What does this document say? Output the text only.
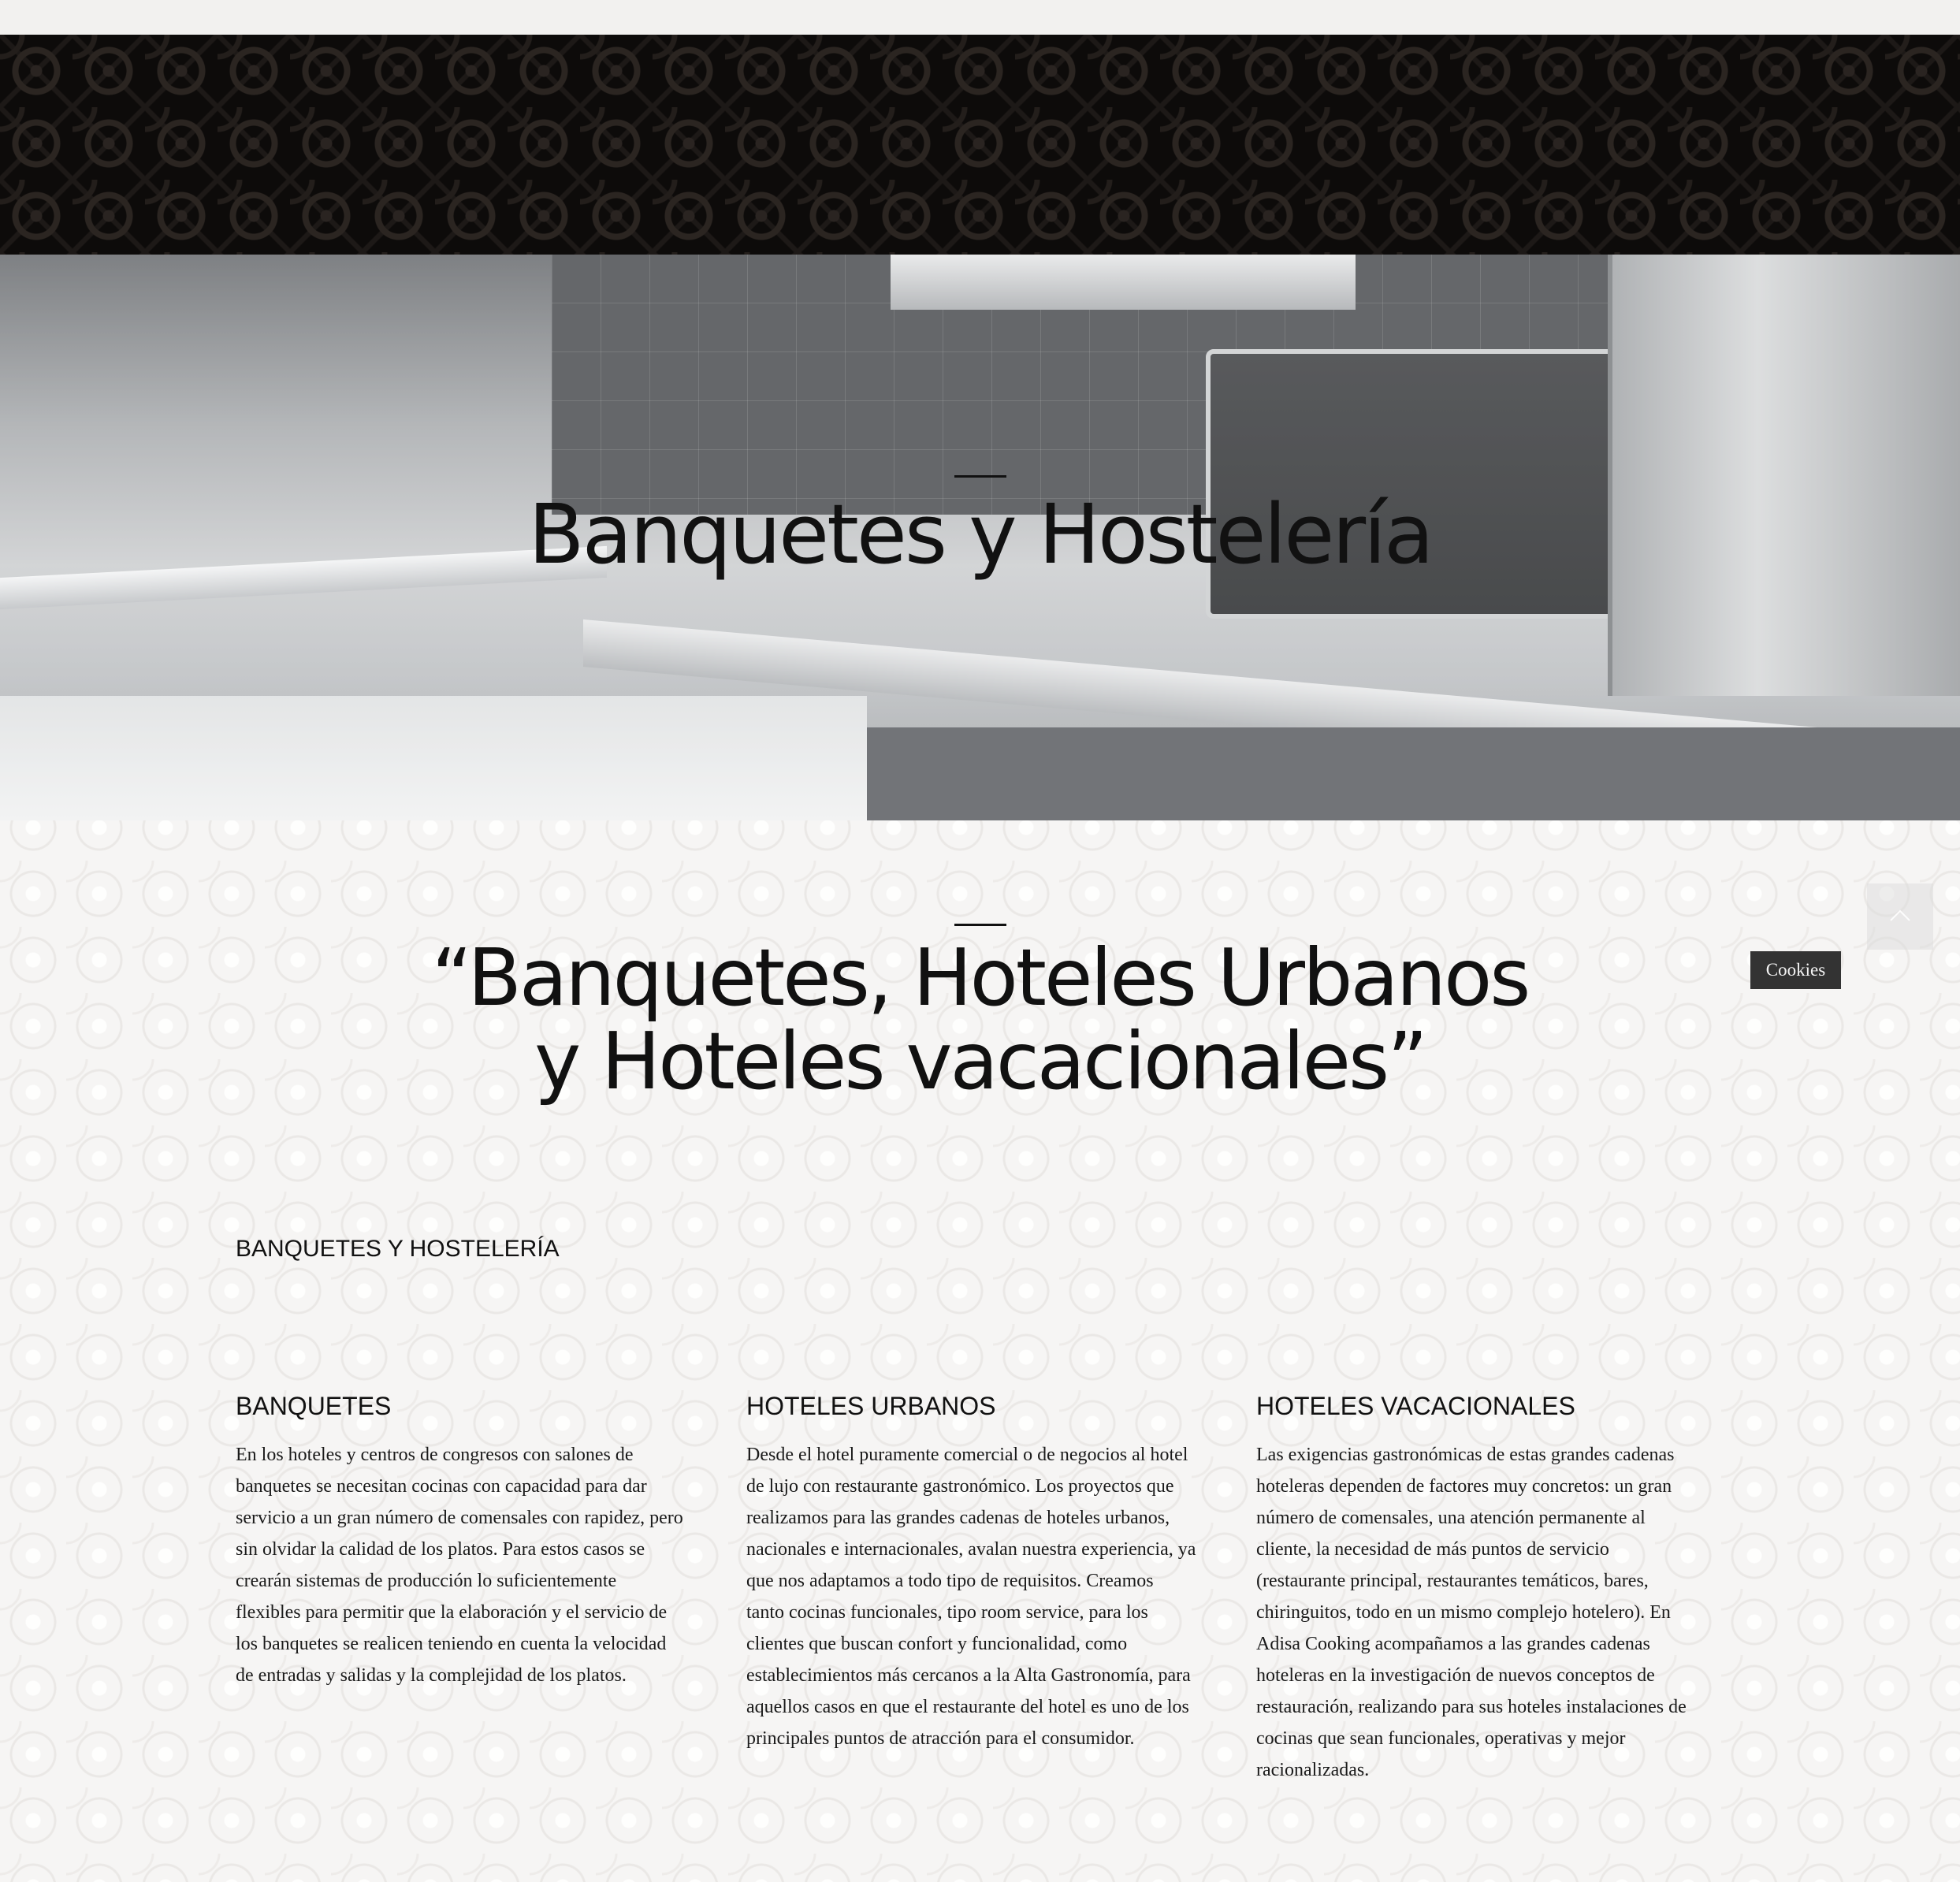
Banquetes y Hostelería
“Banquetes, Hoteles Urbanos
y Hoteles vacacionales”
BANQUETES Y HOSTELERÍA
BANQUETES

En los hoteles y centros de congresos con salones de
banquetes se necesitan cocinas con capacidad para dar
servicio a un gran número de comensales con rapidez, pero
sin olvidar la calidad de los platos. Para estos casos se
crearán sistemas de producción lo suficientemente
flexibles para permitir que la elaboración y el servicio de
los banquetes se realicen teniendo en cuenta la velocidad
de entradas y salidas y la complejidad de los platos.

HOTELES URBANOS

Desde el hotel puramente comercial o de negocios al hotel
de lujo con restaurante gastronómico. Los proyectos que
realizamos para las grandes cadenas de hoteles urbanos,
nacionales e internacionales, avalan nuestra experiencia, ya
que nos adaptamos a todo tipo de requisitos. Creamos
tanto cocinas funcionales, tipo room service, para los
clientes que buscan confort y funcionalidad, como
establecimientos más cercanos a la Alta Gastronomía, para
aquellos casos en que el restaurante del hotel es uno de los
principales puntos de atracción para el consumidor.

HOTELES VACACIONALES

Las exigencias gastronómicas de estas grandes cadenas
hoteleras dependen de factores muy concretos: un gran
número de comensales, una atención permanente al
cliente, la necesidad de más puntos de servicio
(restaurante principal, restaurantes temáticos, bares,
chiringuitos, todo en un mismo complejo hotelero). En
Adisa Cooking acompañamos a las grandes cadenas
hoteleras en la investigación de nuevos conceptos de
restauración, realizando para sus hoteles instalaciones de
cocinas que sean funcionales, operativas y mejor
racionalizadas.

Cookies
